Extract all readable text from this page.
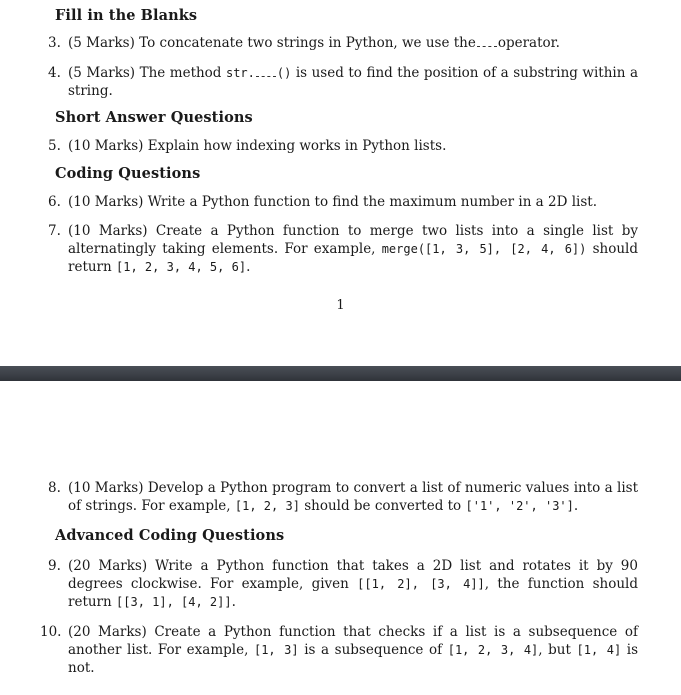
Fill in the Blanks
3. (5 Marks) To concatenate two strings in Python, we use the operator.
4. (5 Marks) The method str. () is used to find the position of a substring within a string.
Short Answer Questions
5. (10 Marks) Explain how indexing works in Python lists.
Coding Questions
6. (10 Marks) Write a Python function to find the maximum number in a 2D list.
7. (10 Marks) Create a Python function to merge two lists into a single list by alternatingly taking elements. For example, merge([1, 3, 5], [2, 4, 6]) should return [1, 2, 3, 4, 5, 6].
1
8. (10 Marks) Develop a Python program to convert a list of numeric values into a list of strings. For example, [1, 2, 3] should be converted to ['1', '2', '3'].
Advanced Coding Questions
9. (20 Marks) Write a Python function that takes a 2D list and rotates it by 90 degrees clockwise. For example, given [[1, 2], [3, 4]], the function should return [[3, 1], [4, 2]].
10. (20 Marks) Create a Python function that checks if a list is a subsequence of another list. For example, [1, 3] is a subsequence of [1, 2, 3, 4], but [1, 4] is not.
